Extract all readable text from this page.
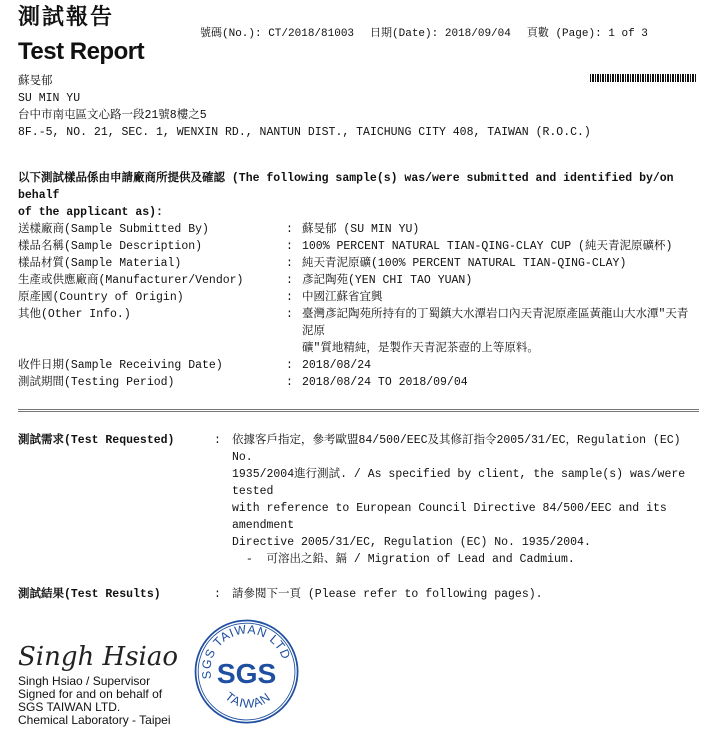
測試報告
Test Report
號碼(No.): CT/2018/81003 日期(Date): 2018/09/04 頁數 (Page): 1 of 3
蘇旻郁
SU MIN YU
台中市南屯區文心路一段21號8樓之5
8F.-5, NO. 21, SEC. 1, WENXIN RD., NANTUN DIST., TAICHUNG CITY 408, TAIWAN (R.O.C.)
以下測試樣品係由申請廠商所提供及確認 (The following sample(s) was/were submitted and identified by/on behalf
of the applicant as):
送樣廠商(Sample Submitted By)	: 蘇旻郁 (SU MIN YU)
樣品名稱(Sample Description)	: 100% PERCENT NATURAL TIAN-QING-CLAY CUP (純天青泥原礦杯)
樣品材質(Sample Material)	: 純天青泥原礦(100% PERCENT NATURAL TIAN-QING-CLAY)
生產或供應廠商(Manufacturer/Vendor)	: 彥記陶苑(YEN CHI TAO YUAN)
原產國(Country of Origin)	: 中國江蘇省宜興
其他(Other Info.)	: 臺灣彥記陶苑所持有的丁蜀鎮大水潭岩口內天青泥原產區黃龍山大水潭"天青泥原
礦"質地精純，是製作天青泥茶壺的上等原料。
收件日期(Sample Receiving Date)	: 2018/08/24
測試期間(Testing Period)	: 2018/08/24 TO 2018/09/04
測試需求(Test Requested)	: 依據客戶指定，參考歐盟84/500/EEC及其修訂指令2005/31/EC，Regulation (EC) No.
1935/2004進行測試. / As specified by client, the sample(s) was/were tested
with reference to European Council Directive 84/500/EEC and its amendment
Directive 2005/31/EC, Regulation (EC) No. 1935/2004.
-  可溶出之鉛、鎘 / Migration of Lead and Cadmium.
測試結果(Test Results)	: 請參閱下一頁 (Please refer to following pages).
Singh Hsiao
Singh Hsiao / Supervisor
Signed for and on behalf of
SGS TAIWAN LTD.
Chemical Laboratory - Taipei
SGS TAIWAN LTD
TAIWAN
SGS
